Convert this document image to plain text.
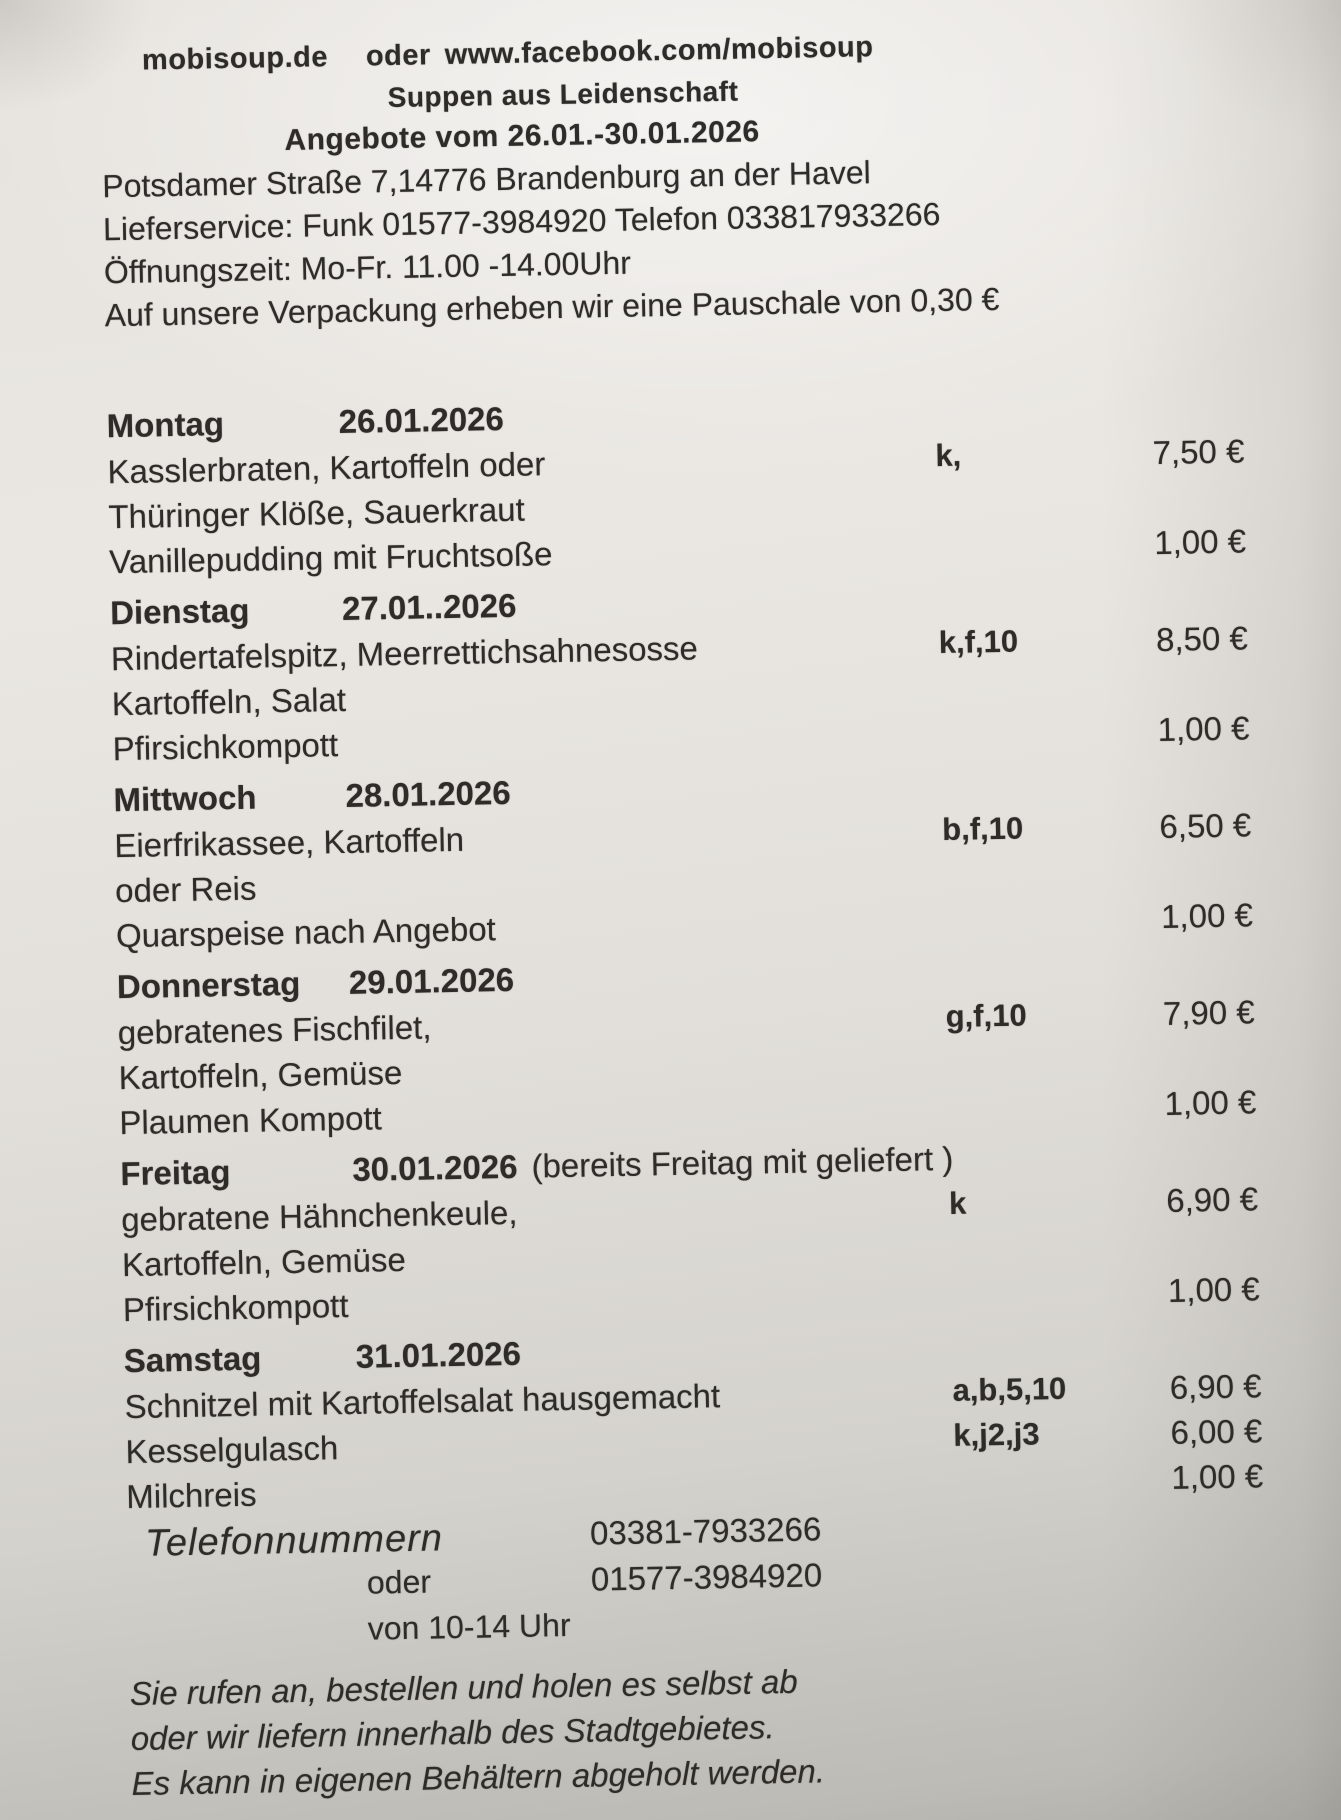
mobisoup.de oder www.facebook.com/mobisoup
Suppen aus Leidenschaft
Angebote vom 26.01.-30.01.2026
Potsdamer Straße 7,14776 Brandenburg an der Havel
Lieferservice: Funk 01577-3984920 Telefon 033817933266
Öffnungszeit: Mo-Fr. 11.00 -14.00Uhr
Auf unsere Verpackung erheben wir eine Pauschale von 0,30 €
Montag	26.01.2026
Kasslerbraten, Kartoffeln oder	k,	7,50 €
Thüringer Klöße, Sauerkraut
Vanillepudding mit Fruchtsoße	1,00 €
Dienstag	27.01..2026
Rindertafelspitz, Meerrettichsahnesosse	k,f,10	8,50 €
Kartoffeln, Salat
Pfirsichkompott	1,00 €
Mittwoch	28.01.2026
Eierfrikassee, Kartoffeln	b,f,10	6,50 €
oder Reis
Quarspeise nach Angebot	1,00 €
Donnerstag 29.01.2026
gebratenes Fischfilet,	g,f,10	7,90 €
Kartoffeln, Gemüse
Plaumen Kompott	1,00 €
Freitag	30.01.2026 (bereits Freitag mit geliefert )
gebratene Hähnchenkeule,	k	6,90 €
Kartoffeln, Gemüse
Pfirsichkompott	1,00 €
Samstag	31.01.2026
Schnitzel mit Kartoffelsalat hausgemacht	a,b,5,10	6,90 €
Kesselgulasch	k,j2,j3	6,00 €
Milchreis	1,00 €
Telefonnummern	03381-7933266
oder	01577-3984920
von 10-14 Uhr
Sie rufen an, bestellen und holen es selbst ab
oder wir liefern innerhalb des Stadtgebietes.
Es kann in eigenen Behältern abgeholt werden.
